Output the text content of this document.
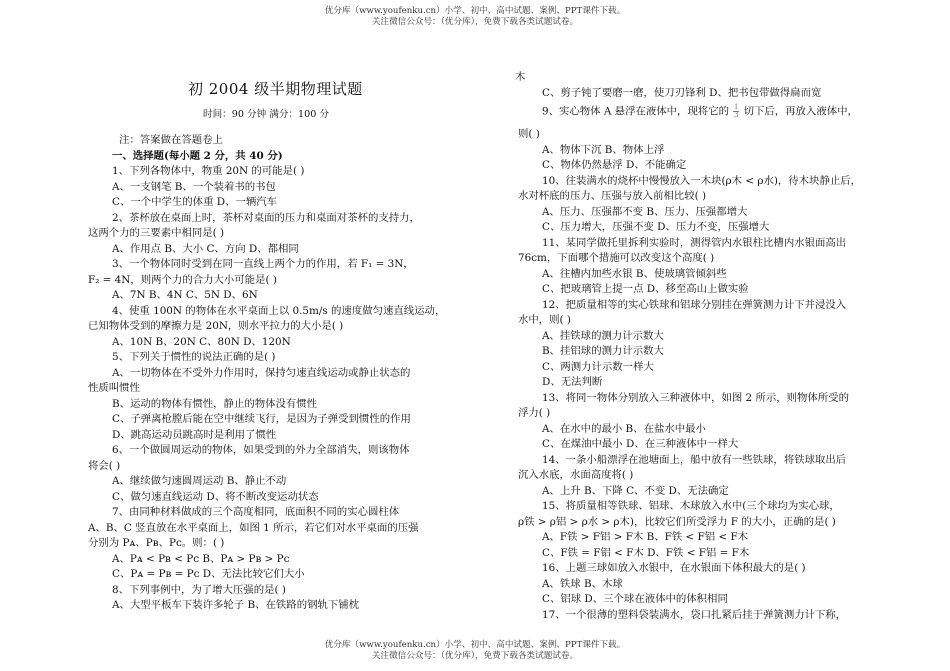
优分库（www.youfenku.cn）小学、初中、高中试题、案例、PPT课件下载。
关注微信公众号：（优分库），免费下载各类试题试卷。
初 2004 级半期物理试题
时间：90 分钟 满分：100 分
注：答案做在答题卷上
一、选择题(每小题 2 分，共 40 分)
1、下列各物体中，物重 20N 的可能是( )
A、一支钢笔 B、一个装着书的书包
C、一个中学生的体重 D、一辆汽车
2、茶杯放在桌面上时，茶杯对桌面的压力和桌面对茶杯的支持力，
这两个力的三要素中相同是( )
A、作用点 B、大小 C、方向 D、都相同
3、一个物体同时受到在同一直线上两个力的作用，若 F₁ = 3N，
F₂ = 4N，则两个力的合力大小可能是( )
A、7N B、4N C、5N D、6N
4、使重 100N 的物体在水平桌面上以 0.5m/s 的速度做匀速直线运动，
已知物体受到的摩擦力是 20N，则水平拉力的大小是( )
A、10N B、20N C、80N D、120N
5、下列关于惯性的说法正确的是( )
A、一切物体在不受外力作用时，保持匀速直线运动或静止状态的
性质叫惯性
B、运动的物体有惯性，静止的物体没有惯性
C、子弹离枪膛后能在空中继续飞行，是因为子弹受到惯性的作用
D、跳高运动员跳高时是利用了惯性
6、一个做圆周运动的物体，如果受到的外力全部消失，则该物体
将会( )
A、继续做匀速圆周运动 B、静止不动
C、做匀速直线运动 D、将不断改变运动状态
7、由同种材料做成的三个高度相同，底面积不同的实心圆柱体
A、B、C 竖直放在水平桌面上，如图 1 所示，若它们对水平桌面的压强
分别为 Pᴀ、Pʙ、Pᴄ。则：( )
A、Pᴀ < Pʙ < Pᴄ B、Pᴀ > Pʙ > Pᴄ
C、Pᴀ = Pʙ = Pᴄ D、无法比较它们大小
8、下列事例中，为了增大压强的是( )
A、大型平板车下装许多轮子 B、在铁路的钢轨下铺枕
木
C、剪子钝了要磨一磨，使刀刃锋利 D、把书包带做得扁而宽
9、实心物体 A 悬浮在液体中，现将它的 $\frac{1}{3}$ 切下后，再放入液体中，
则( )
A、物体下沉 B、物体上浮
C、物体仍然悬浮 D、不能确定
10、往装满水的烧杯中慢慢放入一木块(ρ木 < ρ水)，待木块静止后，
水对杯底的压力、压强与放入前相比较( )
A、压力、压强都不变 B、压力、压强都增大
C、压力增大，压强不变 D、压力不变，压强增大
11、某同学做托里拆利实验时，测得管内水银柱比槽内水银面高出
76cm，下面哪个措施可以改变这个高度( )
A、往槽内加些水银 B、使玻璃管倾斜些
C、把玻璃管上提一点 D、移至高山上做实验
12、把质量相等的实心铁球和铝球分别挂在弹簧测力计下并浸没入
水中，则( )
A、挂铁球的测力计示数大
B、挂铝球的测力计示数大
C、两测力计示数一样大
D、无法判断
13、将同一物体分别放入三种液体中，如图 2 所示，则物体所受的
浮力( )
A、在水中的最小 B、在盐水中最小
C、在煤油中最小 D、在三种液体中一样大
14、一条小船漂浮在池塘面上，船中放有一些铁球，将铁球取出后
沉入水底，水面高度将( )
A、上升 B、下降 C、不变 D、无法确定
15、将质量相等铁球、铝球、木球放入水中(三个球均为实心球，
ρ铁 > ρ铝 > ρ水 > ρ木)，比较它们所受浮力 F 的大小，正确的是( )
A、F铁 > F铝 > F木 B、F铁 < F铝 < F木
C、F铁 = F铝 < F木 D、F铁 < F铝 = F木
16、上题三球如放入水银中，在水银面下体积最大的是( )
A、铁球 B、木球
C、铝球 D、三个球在液体中的体积相同
17、一个很薄的塑料袋装满水，袋口扎紧后挂于弹簧测力计下称，
优分库（www.youfenku.cn）小学、初中、高中试题、案例、PPT课件下载。
关注微信公众号：（优分库），免费下载各类试题试卷。
